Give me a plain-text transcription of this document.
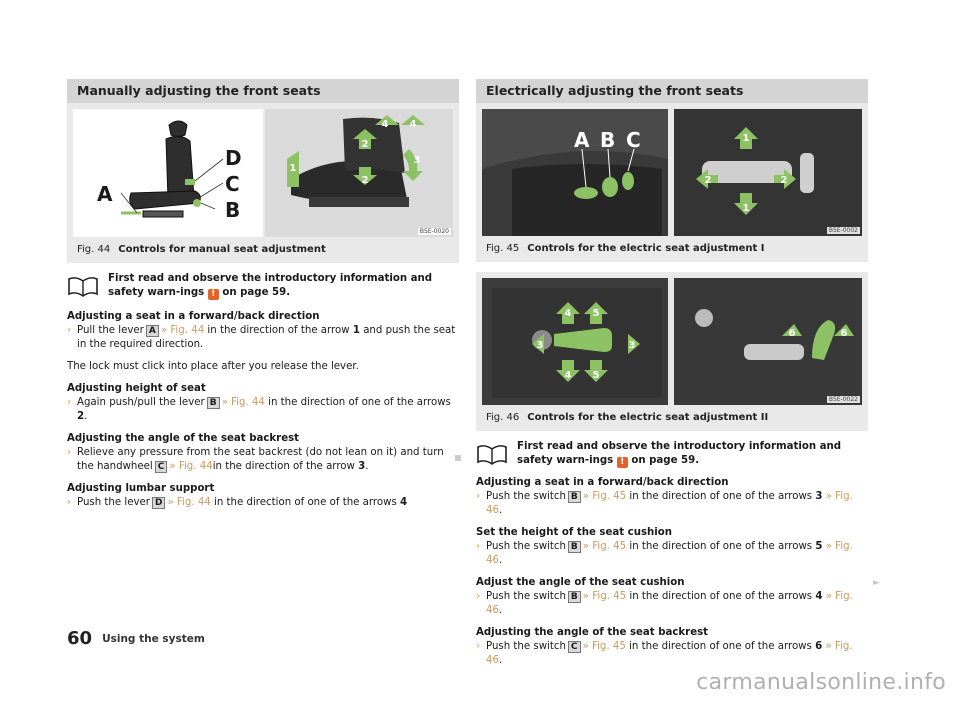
Manually adjusting the front seats
A
B
C
D	1
2
2
3
4 4
B5E-0020
Fig. 44 Controls for manual seat adjustment
First read and observe the introductory information and safety warn-ings ! on page 59.
Adjusting a seat in a forward/back direction
› Pull the lever A » Fig. 44 in the direction of the arrow 1 and push the seat in the required direction.
The lock must click into place after you release the lever.
Adjusting height of seat
› Again push/pull the lever B » Fig. 44 in the direction of one of the arrows 2.
Adjusting the angle of the seat backrest
› Relieve any pressure from the seat backrest (do not lean on it) and turn the handwheel C » Fig. 44in the direction of the arrow 3.
Adjusting lumbar support
› Push the lever D » Fig. 44 in the direction of one of the arrows 4
Electrically adjusting the front seats
A B C	1
1
2	2
B5E-0002
Fig. 45 Controls for the electric seat adjustment I
4 5
3	3
4 5
6	6
B5E-0022
Fig. 46 Controls for the electric seat adjustment II
First read and observe the introductory information and safety warn-ings ! on page 59.
Adjusting a seat in a forward/back direction
› Push the switch B » Fig. 45 in the direction of one of the arrows 3 » Fig. 46.
Set the height of the seat cushion
› Push the switch B » Fig. 45 in the direction of one of the arrows 5 » Fig. 46.
Adjust the angle of the seat cushion
› Push the switch B » Fig. 45 in the direction of one of the arrows 4 » Fig. 46.
Adjusting the angle of the seat backrest
› Push the switch C » Fig. 45 in the direction of one of the arrows 6 » Fig. 46.
►
60 Using the system
carmanualsonline.info
